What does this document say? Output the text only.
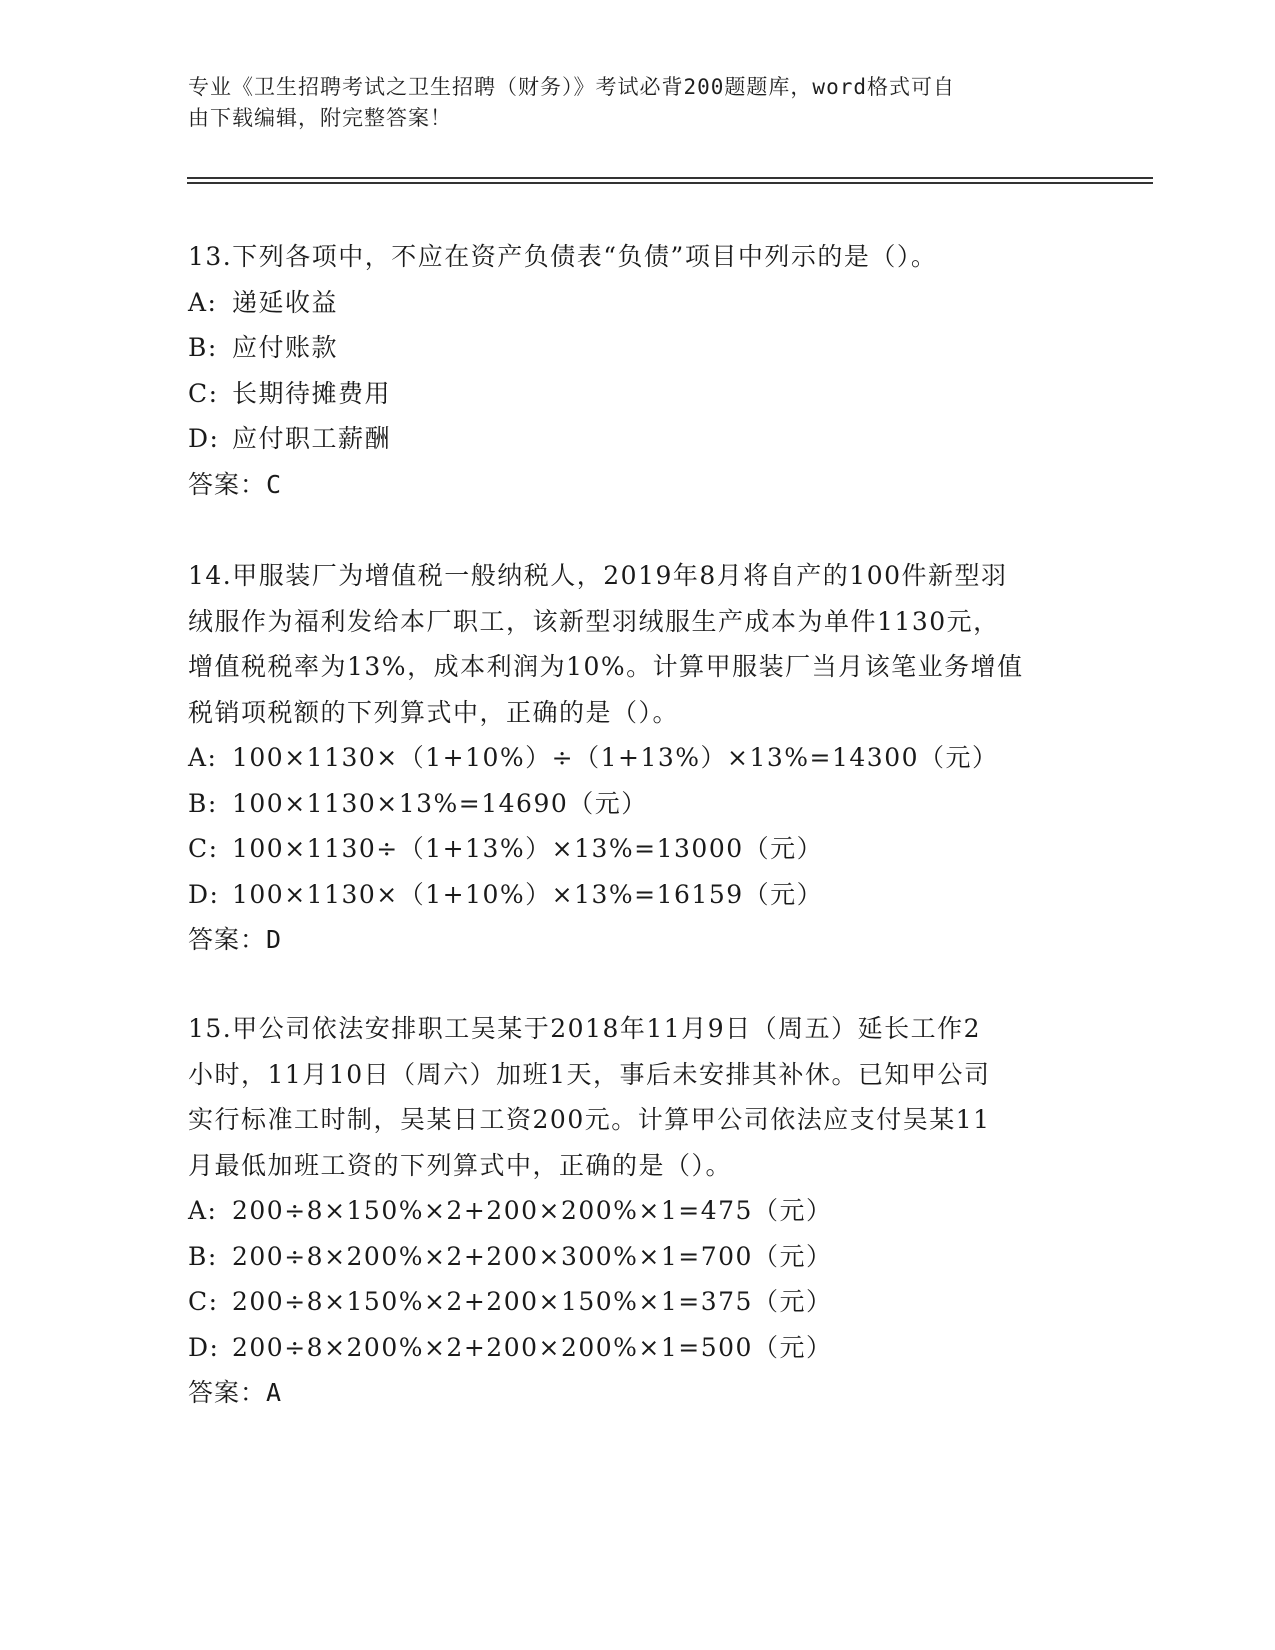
专业《卫生招聘考试之卫生招聘（财务）》考试必背200题题库，word格式可自
由下载编辑，附完整答案！
13.下列各项中，不应在资产负债表“负债”项目中列示的是（）。
A: 递延收益
B: 应付账款
C: 长期待摊费用
D: 应付职工薪酬
答案：C
14.甲服装厂为增值税一般纳税人，2019年8月将自产的100件新型羽
绒服作为福利发给本厂职工，该新型羽绒服生产成本为单件1130元，
增值税税率为13%，成本利润为10%。计算甲服装厂当月该笔业务增值
税销项税额的下列算式中，正确的是（）。
A: 100×1130×（1+10%）÷（1+13%）×13%=14300（元）
B: 100×1130×13%=14690（元）
C: 100×1130÷（1+13%）×13%=13000（元）
D: 100×1130×（1+10%）×13%=16159（元）
答案：D
15.甲公司依法安排职工吴某于2018年11月9日（周五）延长工作2
小时，11月10日（周六）加班1天，事后未安排其补休。已知甲公司
实行标准工时制，吴某日工资200元。计算甲公司依法应支付吴某11
月最低加班工资的下列算式中，正确的是（）。
A: 200÷8×150%×2+200×200%×1=475（元）
B: 200÷8×200%×2+200×300%×1=700（元）
C: 200÷8×150%×2+200×150%×1=375（元）
D: 200÷8×200%×2+200×200%×1=500（元）
答案：A
